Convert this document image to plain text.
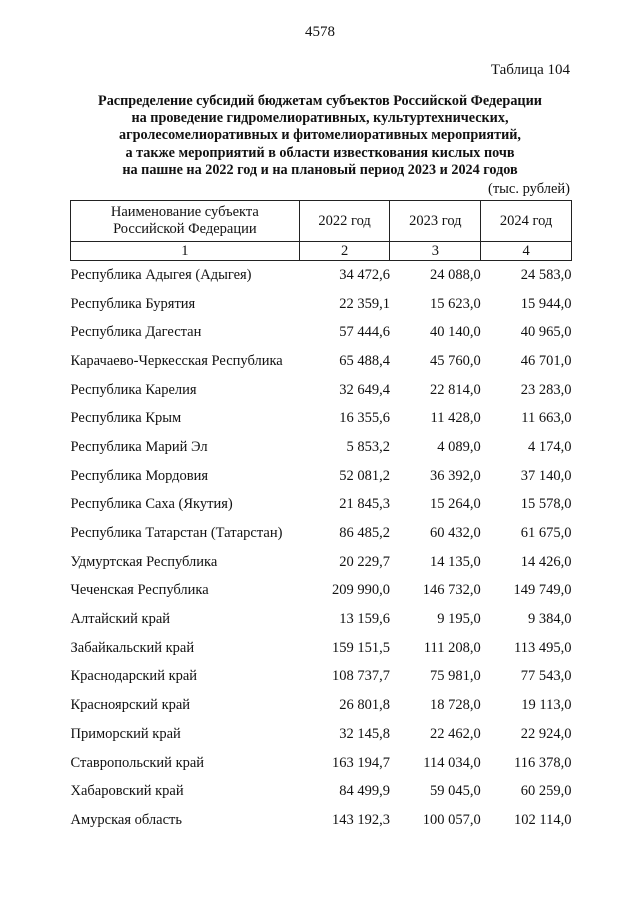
4578
Таблица 104
Распределение субсидий бюджетам субъектов Российской Федерации
на проведение гидромелиоративных, культуртехнических,
агролесомелиоративных и фитомелиоративных мероприятий,
а также мероприятий в области известкования кислых почв
на пашне на 2022 год и на плановый период 2023 и 2024 годов
(тыс. рублей)
Наименование субъекта Российской Федерации	2022 год	2023 год	2024 год
1	2	3	4
Республика Адыгея (Адыгея)	34 472,6	24 088,0	24 583,0
Республика Бурятия	22 359,1	15 623,0	15 944,0
Республика Дагестан	57 444,6	40 140,0	40 965,0
Карачаево-Черкесская Республика	65 488,4	45 760,0	46 701,0
Республика Карелия	32 649,4	22 814,0	23 283,0
Республика Крым	16 355,6	11 428,0	11 663,0
Республика Марий Эл	5 853,2	4 089,0	4 174,0
Республика Мордовия	52 081,2	36 392,0	37 140,0
Республика Саха (Якутия)	21 845,3	15 264,0	15 578,0
Республика Татарстан (Татарстан)	86 485,2	60 432,0	61 675,0
Удмуртская Республика	20 229,7	14 135,0	14 426,0
Чеченская Республика	209 990,0	146 732,0	149 749,0
Алтайский край	13 159,6	9 195,0	9 384,0
Забайкальский край	159 151,5	111 208,0	113 495,0
Краснодарский край	108 737,7	75 981,0	77 543,0
Красноярский край	26 801,8	18 728,0	19 113,0
Приморский край	32 145,8	22 462,0	22 924,0
Ставропольский край	163 194,7	114 034,0	116 378,0
Хабаровский край	84 499,9	59 045,0	60 259,0
Амурская область	143 192,3	100 057,0	102 114,0
